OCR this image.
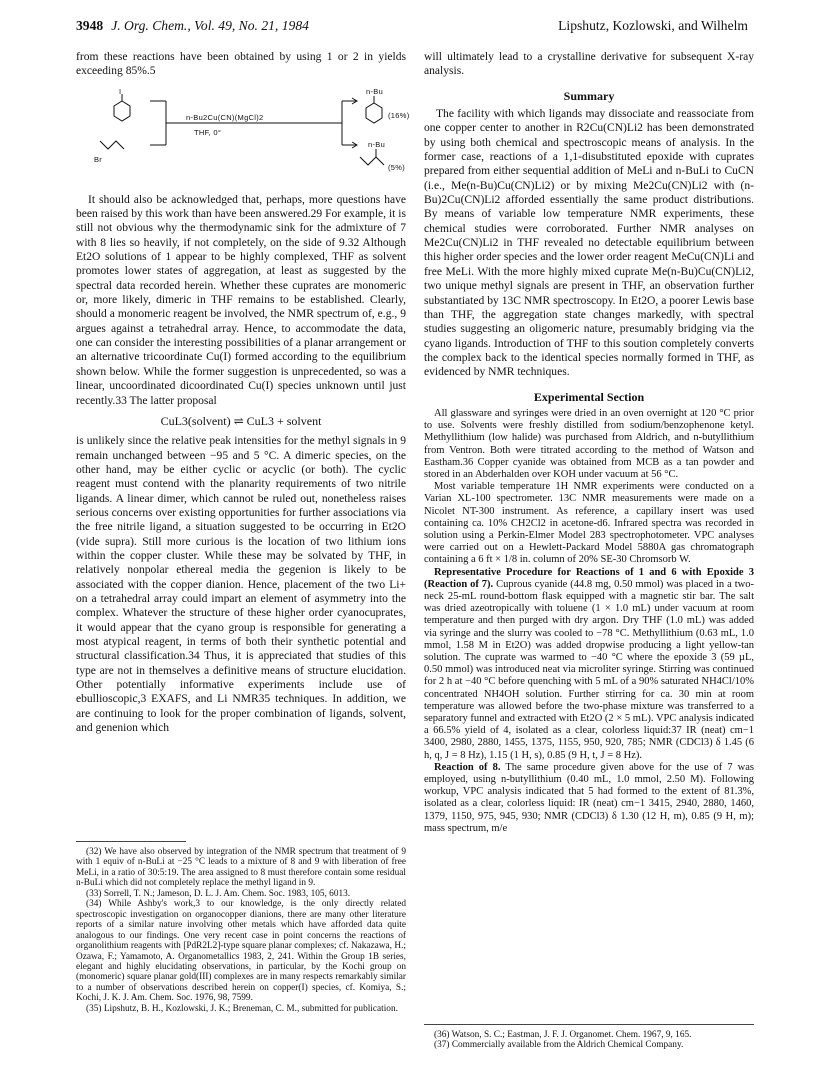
3948 J. Org. Chem., Vol. 49, No. 21, 1984	Lipshutz, Kozlowski, and Wilhelm

from these reactions have been obtained by using 1 or 2 in yields exceeding 85%.5

I
Br
n-Bu2Cu(CN)(MgCl)2
THF, 0°
n-Bu
(16%)
n-Bu
(5%)

It should also be acknowledged that, perhaps, more questions have been raised by this work than have been answered.29 For example, it is still not obvious why the thermodynamic sink for the admixture of 7 with 8 lies so heavily, if not completely, on the side of 9.32 Although Et2O solutions of 1 appear to be highly complexed, THF as solvent promotes lower states of aggregation, at least as suggested by the spectral data recorded herein. Whether these cuprates are monomeric or, more likely, dimeric in THF remains to be established. Clearly, should a monomeric reagent be involved, the NMR spectrum of, e.g., 9 argues against a tetrahedral array. Hence, to accommodate the data, one can consider the interesting possibilities of a planar arrangement or an alternative tricoordinate Cu(I) formed according to the equilibrium shown below. While the former suggestion is unprecedented, so was a linear, uncoordinated dicoordinated Cu(I) species unknown until just recently.33 The latter proposal

CuL3(solvent) ⇌ CuL3 + solvent

is unlikely since the relative peak intensities for the methyl signals in 9 remain unchanged between −95 and 5 °C. A dimeric species, on the other hand, may be either cyclic or acyclic (or both). The cyclic reagent must contend with the planarity requirements of two nitrile ligands. A linear dimer, which cannot be ruled out, nonetheless raises serious concerns over existing opportunities for further associations via the free nitrile ligand, a situation suggested to be occurring in Et2O (vide supra). Still more curious is the location of two lithium ions within the copper cluster. While these may be solvated by THF, in relatively nonpolar ethereal media the gegenion is likely to be associated with the copper dianion. Hence, placement of the two Li+ on a tetrahedral array could impart an element of asymmetry into the complex. Whatever the structure of these higher order cyanocuprates, it would appear that the cyano group is responsible for generating a most atypical reagent, in terms of both their synthetic potential and structural classification.34 Thus, it is appreciated that studies of this type are not in themselves a definitive means of structure elucidation. Other potentially informative experiments include use of ebullioscopic,3 EXAFS, and Li NMR35 techniques. In addition, we are continuing to look for the proper combination of ligands, solvent, and genenion which

(32) We have also observed by integration of the NMR spectrum that treatment of 9 with 1 equiv of n-BuLi at −25 °C leads to a mixture of 8 and 9 with liberation of free MeLi, in a ratio of 30:5:19. The area assigned to 8 must therefore contain some residual n-BuLi which did not completely replace the methyl ligand in 9.

(33) Sorrell, T. N.; Jameson, D. L. J. Am. Chem. Soc. 1983, 105, 6013.

(34) While Ashby's work,3 to our knowledge, is the only directly related spectroscopic investigation on organocopper dianions, there are many other literature reports of a similar nature involving other metals which have afforded data quite analogous to our findings. One very recent case in point concerns the reactions of organolithium reagents with [PdR2L2]-type square planar complexes; cf. Nakazawa, H.; Ozawa, F.; Yamamoto, A. Organometallics 1983, 2, 241. Within the Group 1B series, elegant and highly elucidating observations, in particular, by the Kochi group on (monomeric) square planar gold(III) complexes are in many respects remarkably similar to a number of observations described herein on copper(I) species, cf. Komiya, S.; Kochi, J. K. J. Am. Chem. Soc. 1976, 98, 7599.

(35) Lipshutz, B. H., Kozlowski, J. K.; Breneman, C. M., submitted for publication.

will ultimately lead to a crystalline derivative for subsequent X-ray analysis.

Summary

The facility with which ligands may dissociate and reassociate from one copper center to another in R2Cu(CN)Li2 has been demonstrated by using both chemical and spectroscopic means of analysis. In the former case, reactions of a 1,1-disubstituted epoxide with cuprates prepared from either sequential addition of MeLi and n-BuLi to CuCN (i.e., Me(n-Bu)Cu(CN)Li2) or by mixing Me2Cu(CN)Li2 with (n-Bu)2Cu(CN)Li2 afforded essentially the same product distributions. By means of variable low temperature NMR experiments, these chemical studies were corroborated. Further NMR analyses on Me2Cu(CN)Li2 in THF revealed no detectable equilibrium between this higher order species and the lower order reagent MeCu(CN)Li and free MeLi. With the more highly mixed cuprate Me(n-Bu)Cu(CN)Li2, two unique methyl signals are present in THF, an observation further substantiated by 13C NMR spectroscopy. In Et2O, a poorer Lewis base than THF, the aggregation state changes markedly, with spectral studies suggesting an oligomeric nature, presumably bridging via the cyano ligands. Introduction of THF to this soution completely converts the complex back to the identical species normally formed in THF, as evidenced by NMR techniques.

Experimental Section

All glassware and syringes were dried in an oven overnight at 120 °C prior to use. Solvents were freshly distilled from sodium/benzophenone ketyl. Methyllithium (low halide) was purchased from Aldrich, and n-butyllithium from Ventron. Both were titrated according to the method of Watson and Eastham.36 Copper cyanide was obtained from MCB as a tan powder and stored in an Abderhalden over KOH under vacuum at 56 °C.

Most variable temperature 1H NMR experiments were conducted on a Varian XL-100 spectrometer. 13C NMR measurements were made on a Nicolet NT-300 instrument. As reference, a capillary insert was used containing ca. 10% CH2Cl2 in acetone-d6. Infrared spectra was recorded in solution using a Perkin-Elmer Model 283 spectrophotometer. VPC analyses were carried out on a Hewlett-Packard Model 5880A gas chromatograph containing a 6 ft × 1/8 in. column of 20% SE-30 Chromsorb W.

Representative Procedure for Reactions of 1 and 6 with Epoxide 3 (Reaction of 7). Cuprous cyanide (44.8 mg, 0.50 mmol) was placed in a two-neck 25-mL round-bottom flask equipped with a magnetic stir bar. The salt was dried azeotropically with toluene (1 × 1.0 mL) under vacuum at room temperature and then purged with dry argon. Dry THF (1.0 mL) was added via syringe and the slurry was cooled to −78 °C. Methyllithium (0.63 mL, 1.0 mmol, 1.58 M in Et2O) was added dropwise producing a light yellow-tan solution. The cuprate was warmed to −40 °C where the epoxide 3 (59 µL, 0.50 mmol) was introduced neat via microliter syringe. Stirring was continued for 2 h at −40 °C before quenching with 5 mL of a 90% saturated NH4Cl/10% concentrated NH4OH solution. Further stirring for ca. 30 min at room temperature was allowed before the two-phase mixture was transferred to a separatory funnel and extracted with Et2O (2 × 5 mL). VPC analysis indicated a 66.5% yield of 4, isolated as a clear, colorless liquid:37 IR (neat) cm−1 3400, 2980, 2880, 1455, 1375, 1155, 950, 920, 785; NMR (CDCl3) δ 1.45 (6 h, q, J = 8 Hz), 1.15 (1 H, s), 0.85 (9 H, t, J = 8 Hz).

Reaction of 8. The same procedure given above for the use of 7 was employed, using n-butyllithium (0.40 mL, 1.0 mmol, 2.50 M). Following workup, VPC analysis indicated that 5 had formed to the extent of 81.3%, isolated as a clear, colorless liquid: IR (neat) cm−1 3415, 2940, 2880, 1460, 1379, 1150, 975, 945, 930; NMR (CDCl3) δ 1.30 (12 H, m), 0.85 (9 H, m); mass spectrum, m/e

(36) Watson, S. C.; Eastman, J. F. J. Organomet. Chem. 1967, 9, 165.

(37) Commercially available from the Aldrich Chemical Company.
